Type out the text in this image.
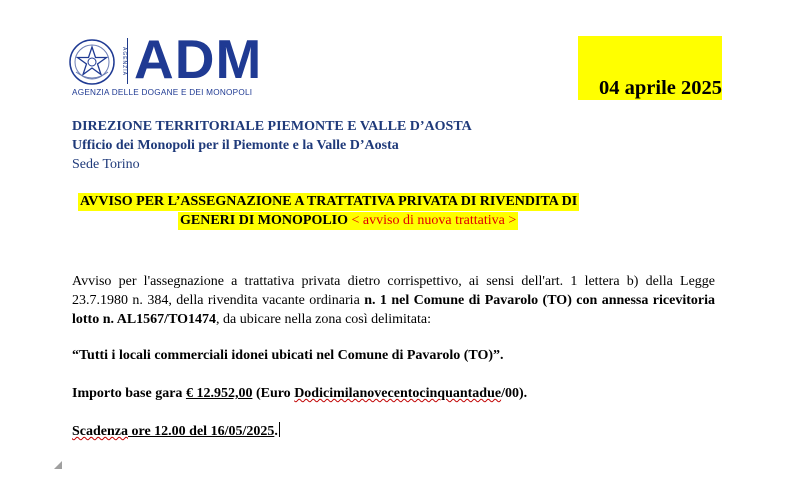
AGENZIA ADM
AGENZIA DELLE DOGANE E DEI MONOPOLI	04 aprile 2025
DIREZIONE TERRITORIALE PIEMONTE E VALLE D’AOSTA
Ufficio dei Monopoli per il Piemonte e la Valle D’Aosta
Sede Torino
AVVISO PER L’ASSEGNAZIONE A TRATTATIVA PRIVATA DI RIVENDITA DI
GENERI DI MONOPOLIO < avviso di nuova trattativa >
Avviso per l'assegnazione a trattativa privata dietro corrispettivo, ai sensi dell'art. 1 lettera b) della Legge 23.7.1980 n. 384, della rivendita vacante ordinaria n. 1 nel Comune di Pavarolo (TO) con annessa ricevitoria lotto n. AL1567/TO1474, da ubicare nella zona così delimitata:
“Tutti i locali commerciali idonei ubicati nel Comune di Pavarolo (TO)”.
Importo base gara € 12.952,00 (Euro Dodicimilanovecentocinquantadue/00).
Scadenza ore 12.00 del 16/05/2025.
